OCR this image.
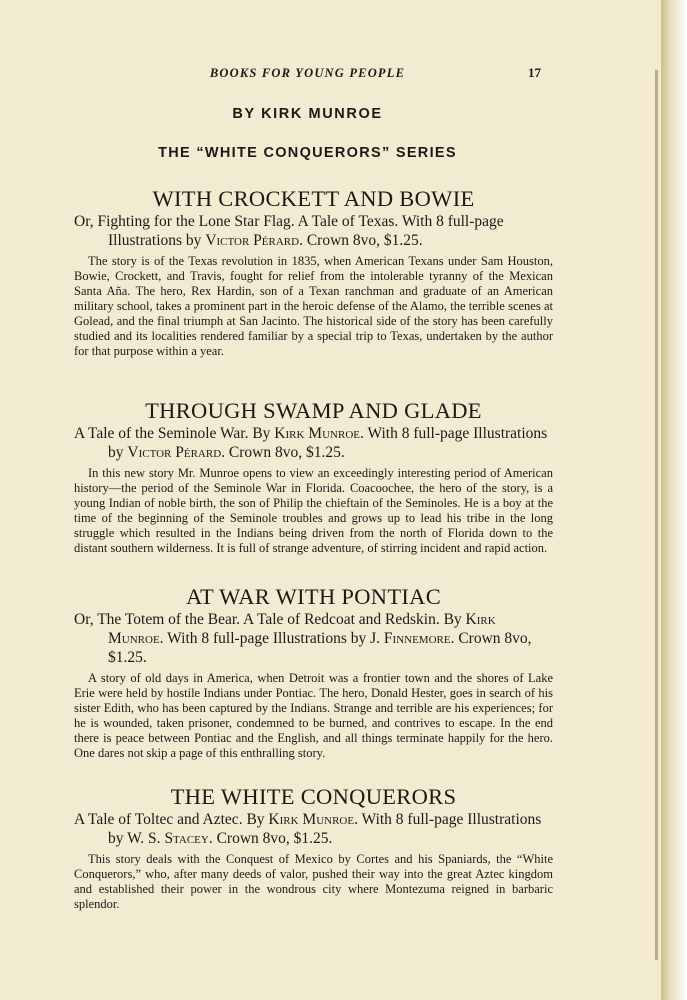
BOOKS FOR YOUNG PEOPLE	17
BY KIRK MUNROE
THE “WHITE CONQUERORS” SERIES
WITH CROCKETT AND BOWIE
Or, Fighting for the Lone Star Flag. A Tale of Texas. With 8 full-page Illustrations by Victor Pérard. Crown 8vo, $1.25.
The story is of the Texas revolution in 1835, when American Texans under Sam Houston, Bowie, Crockett, and Travis, fought for relief from the intolerable tyranny of the Mexican Santa Aña. The hero, Rex Hardin, son of a Texan ranchman and graduate of an American military school, takes a prominent part in the heroic defense of the Alamo, the terrible scenes at Golead, and the final triumph at San Jacinto. The historical side of the story has been carefully studied and its localities rendered familiar by a special trip to Texas, undertaken by the author for that purpose within a year.
THROUGH SWAMP AND GLADE
A Tale of the Seminole War. By Kirk Munroe. With 8 full-page Illustrations by Victor Pérard. Crown 8vo, $1.25.
In this new story Mr. Munroe opens to view an exceedingly interesting period of American history—the period of the Seminole War in Florida. Coacoochee, the hero of the story, is a young Indian of noble birth, the son of Philip the chieftain of the Seminoles. He is a boy at the time of the beginning of the Seminole troubles and grows up to lead his tribe in the long struggle which resulted in the Indians being driven from the north of Florida down to the distant southern wilderness. It is full of strange adventure, of stirring incident and rapid action.
AT WAR WITH PONTIAC
Or, The Totem of the Bear. A Tale of Redcoat and Redskin. By Kirk Munroe. With 8 full-page Illustrations by J. Finnemore. Crown 8vo, $1.25.
A story of old days in America, when Detroit was a frontier town and the shores of Lake Erie were held by hostile Indians under Pontiac. The hero, Donald Hester, goes in search of his sister Edith, who has been captured by the Indians. Strange and terrible are his experiences; for he is wounded, taken prisoner, condemned to be burned, and contrives to escape. In the end there is peace between Pontiac and the English, and all things terminate happily for the hero. One dares not skip a page of this enthralling story.
THE WHITE CONQUERORS
A Tale of Toltec and Aztec. By Kirk Munroe. With 8 full-page Illustrations by W. S. Stacey. Crown 8vo, $1.25.
This story deals with the Conquest of Mexico by Cortes and his Spaniards, the “White Conquerors,” who, after many deeds of valor, pushed their way into the great Aztec kingdom and established their power in the wondrous city where Montezuma reigned in barbaric splendor.
